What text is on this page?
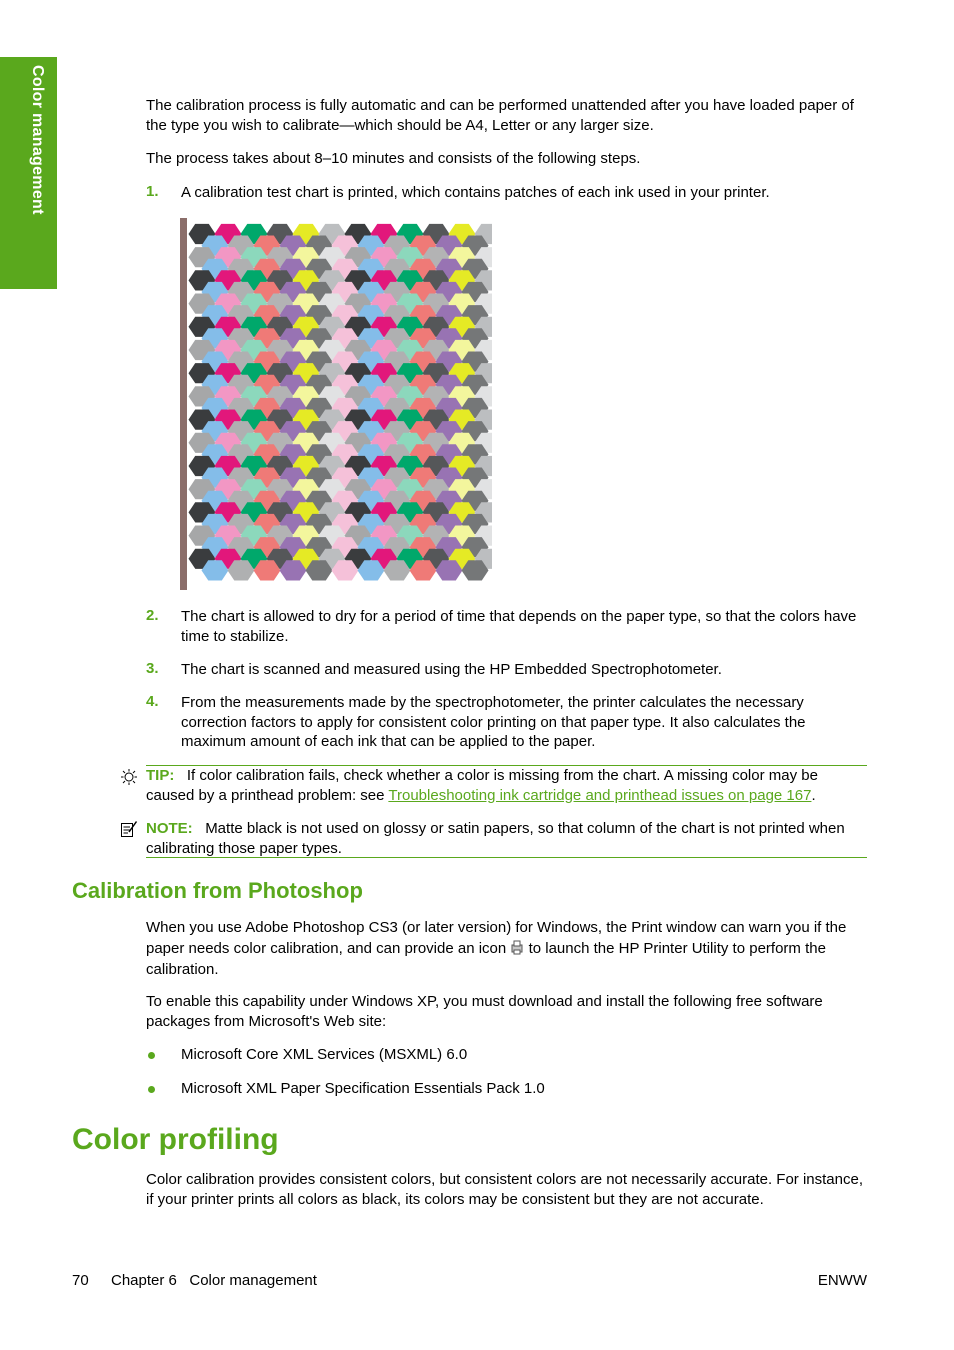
Color management	The calibration process is fully automatic and can be performed unattended after you have loaded paper of the type you wish to calibrate—which should be A4, Letter or any larger size.

The process takes about 8–10 minutes and consists of the following steps.

1. A calibration test chart is printed, which contains patches of each ink used in your printer.
2. The chart is allowed to dry for a period of time that depends on the paper type, so that the colors have time to stabilize.
3. The chart is scanned and measured using the HP Embedded Spectrophotometer.
4. From the measurements made by the spectrophotometer, the printer calculates the necessary correction factors to apply for consistent color printing on that paper type. It also calculates the maximum amount of each ink that can be applied to the paper.

TIP: If color calibration fails, check whether a color is missing from the chart. A missing color may be caused by a printhead problem: see Troubleshooting ink cartridge and printhead issues on page 167.

NOTE: Matte black is not used on glossy or satin papers, so that column of the chart is not printed when calibrating those paper types.

Calibration from Photoshop

When you use Adobe Photoshop CS3 (or later version) for Windows, the Print window can warn you if the paper needs color calibration, and can provide an icon to launch the HP Printer Utility to perform the calibration.

To enable this capability under Windows XP, you must download and install the following free software packages from Microsoft's Web site:

Microsoft Core XML Services (MSXML) 6.0
Microsoft XML Paper Specification Essentials Pack 1.0
Color profiling

Color calibration provides consistent colors, but consistent colors are not necessarily accurate. For instance, if your printer prints all colors as black, its colors may be consistent but they are not accurate.

70 Chapter 6   Color management	ENWW
